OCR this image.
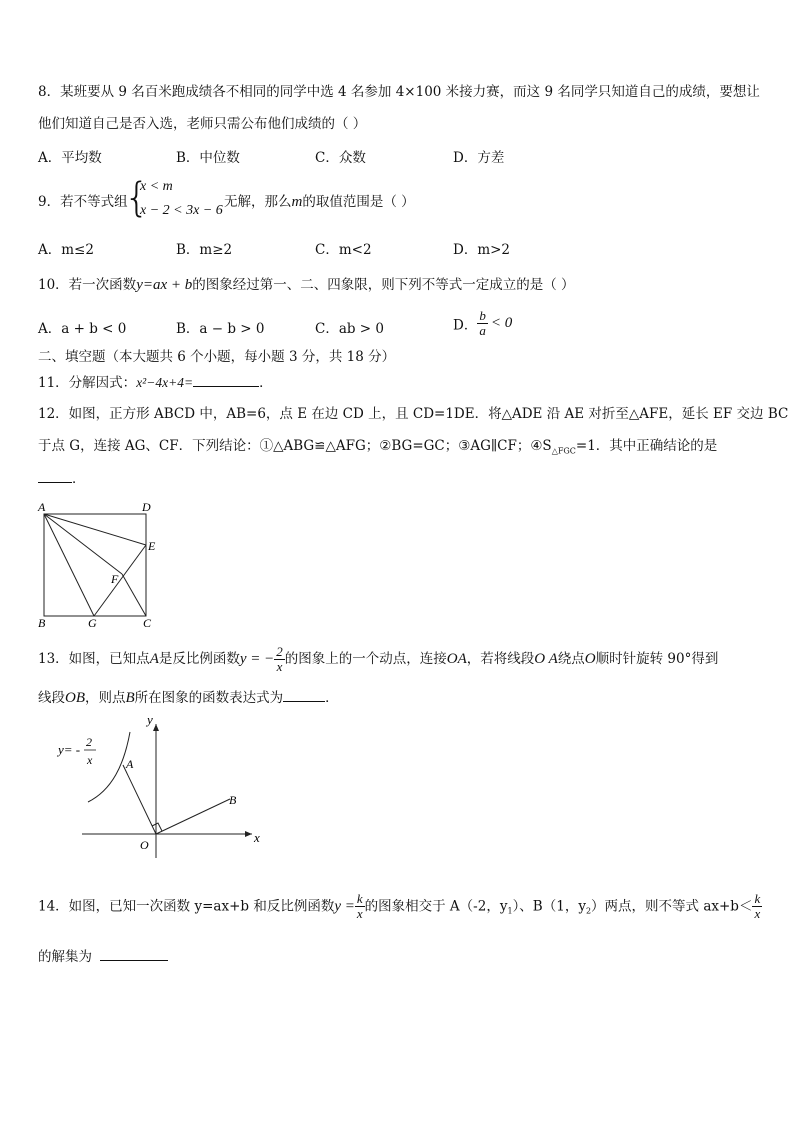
8．某班要从 9 名百米跑成绩各不相同的同学中选 4 名参加 4×100 米接力赛，而这 9 名同学只知道自己的成绩，要想让
他们知道自己是否入选，老师只需公布他们成绩的（ ）
A．平均数	B．中位数	C．众数	D．方差
9．若不等式组
{
x < m
x − 2 < 3x − 6
无解，那么m的取值范围是（ ）
A．m≤2	B．m≥2	C．m<2	D．m>2
10．若一次函数y=ax + b的图象经过第一、二、四象限，则下列不等式一定成立的是（ ）
A．a + b < 0	B．a − b > 0	C．ab > 0	D． $\frac{b}{a} < 0$
二、填空题（本大题共 6 个小题，每小题 3 分，共 18 分）
11．分解因式：x²−4x+4=	．
12．如图，正方形 ABCD 中，AB=6，点 E 在边 CD 上，且 CD=1DE．将△ADE 沿 AE 对折至△AFE，延长 EF 交边 BC
于点 G，连接 AG、CF．下列结论：①△ABG≌△AFG；②BG=GC；③AG∥CF；$④S_{\triangle FGC}=1$．其中正确结论的是
．
A	D
E
F
B	G	C
13．如图，已知点A是反比例函数y = − $\frac{2}{x}$ 的图象上的一个动点，连接OA，若将线段O A绕点O顺时针旋转 90°得到
线段OB，则点B所在图象的函数表达式为	．
y= - 2
x
y
x
A
B
O
14．如图，已知一次函数 y=ax+b 和反比例函数$y = \frac{k}{x}$ 的图象相交于 A（-2，$y_1$）、B（1，$y_2$）两点，则不等式 $ax+b< \frac{k}{x}$
的解集为
